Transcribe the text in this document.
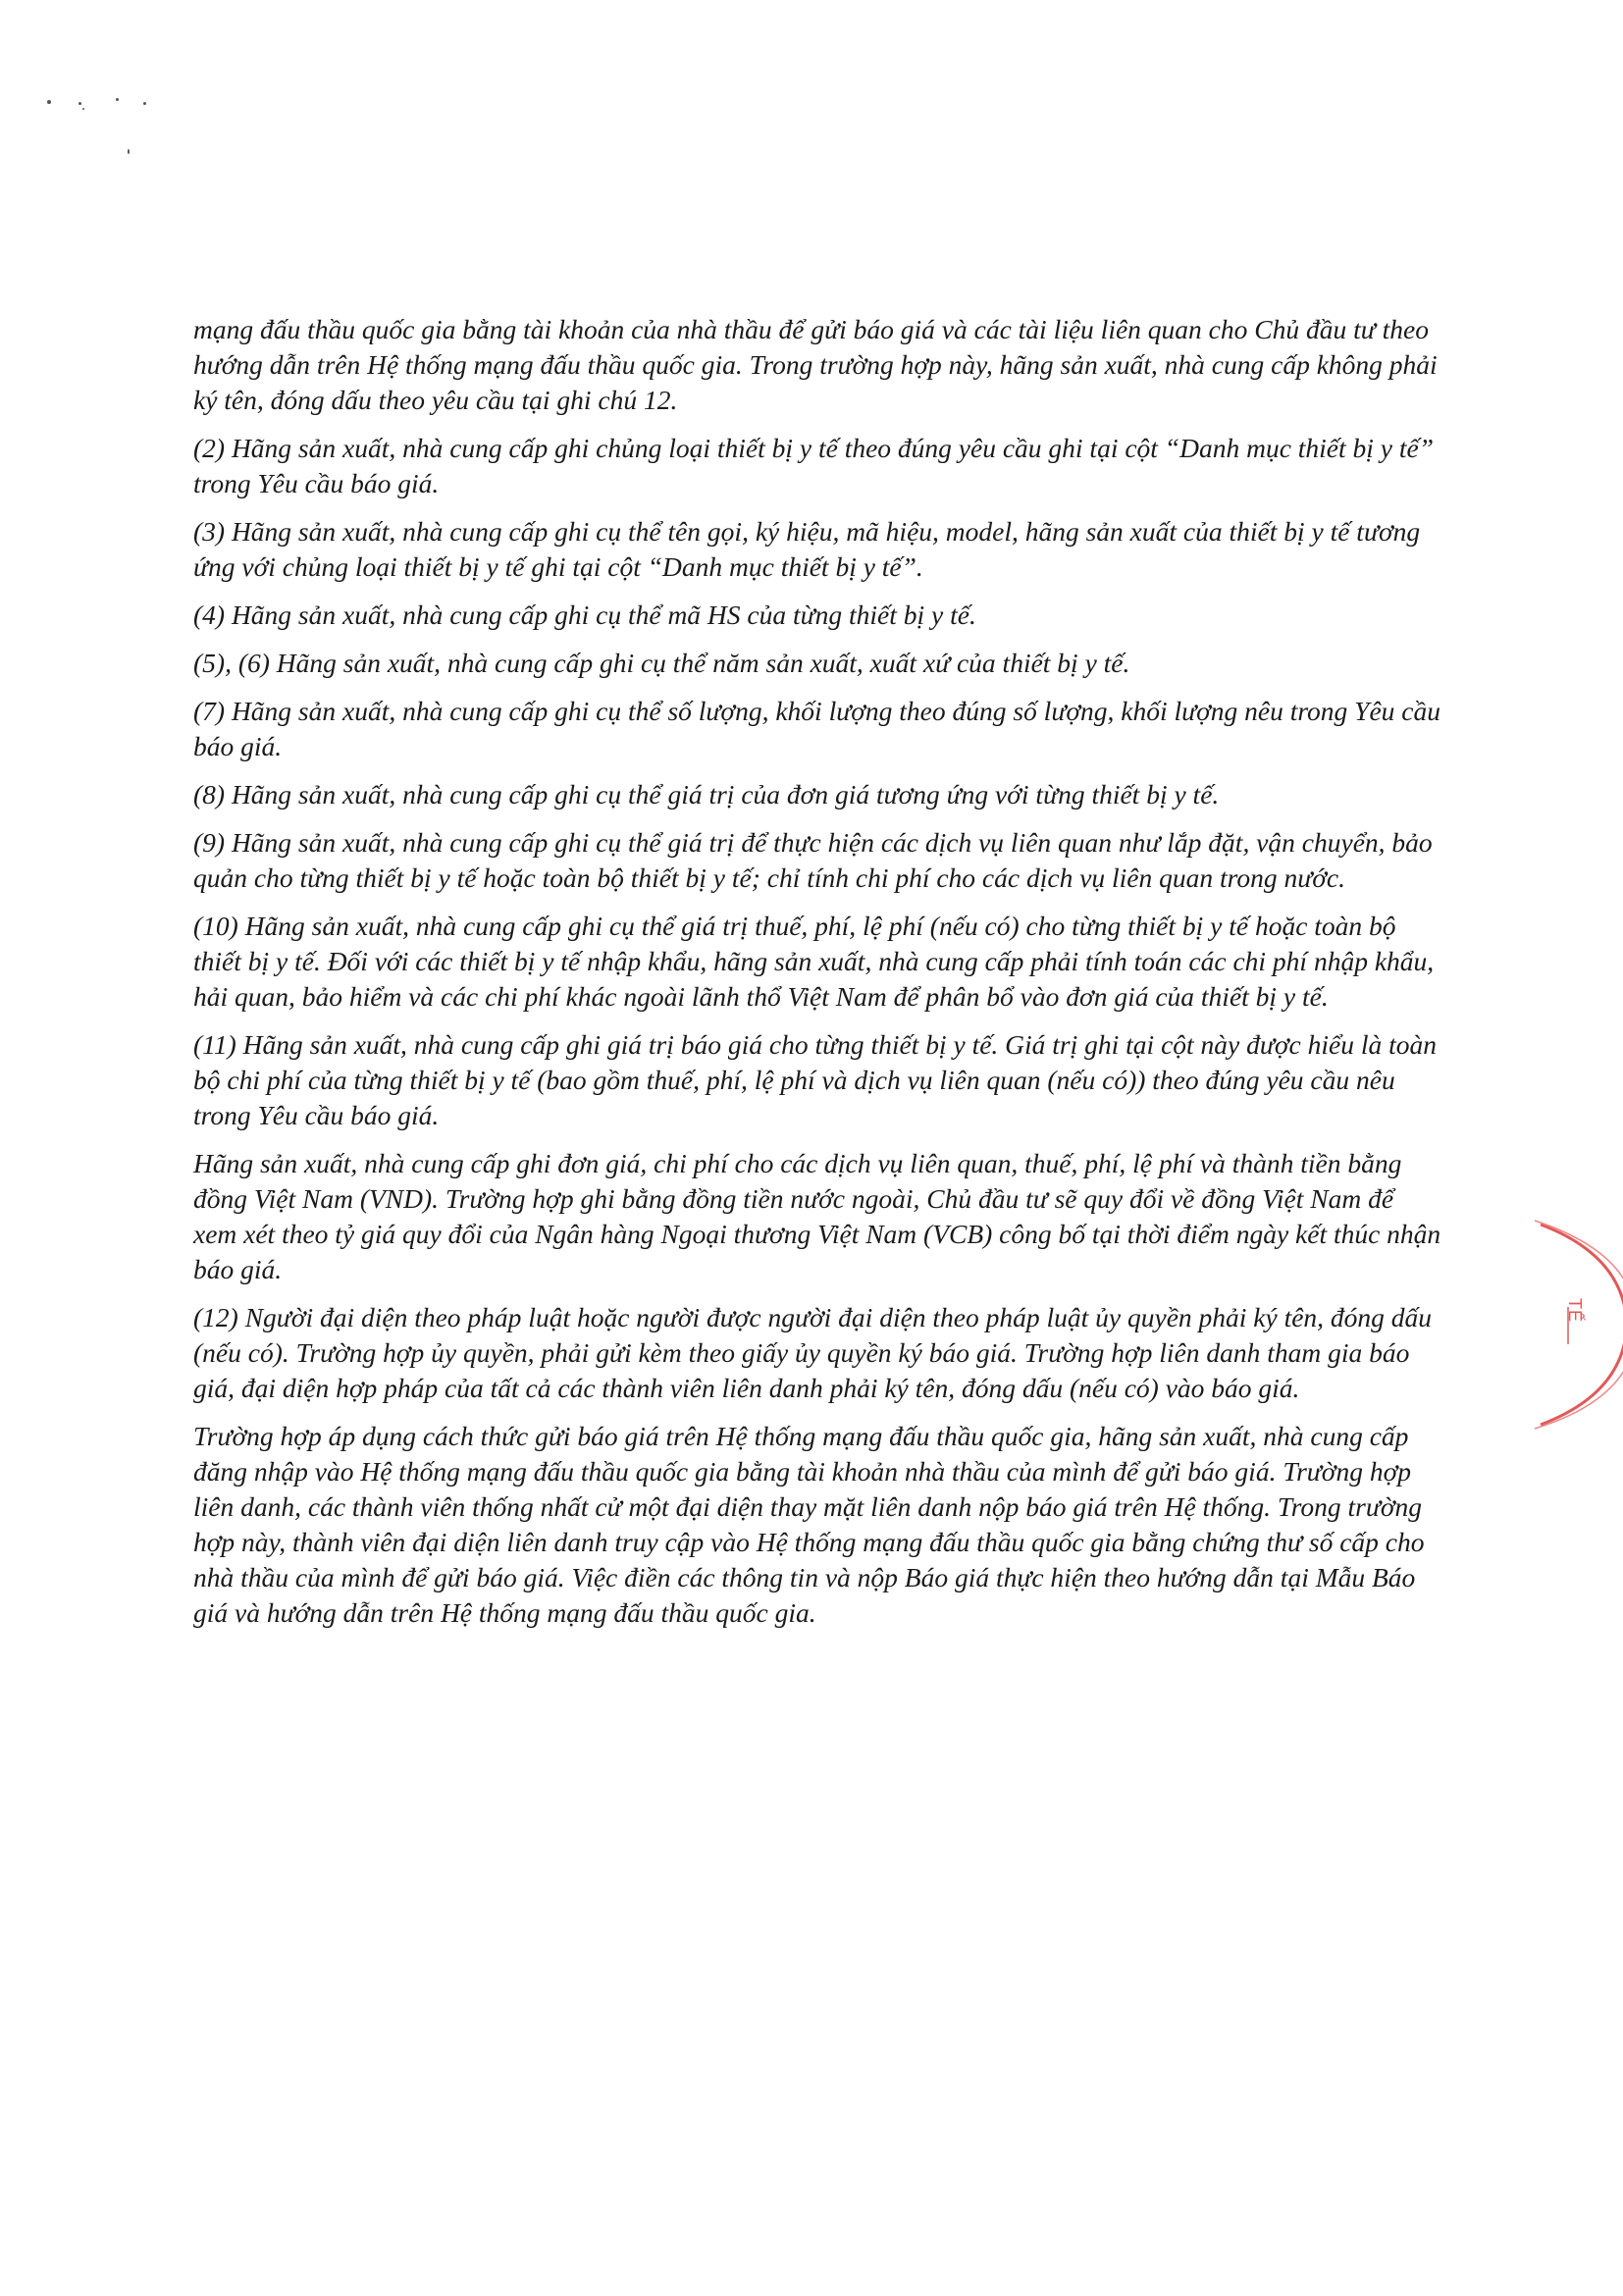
mạng đấu thầu quốc gia bằng tài khoản của nhà thầu để gửi báo giá và các tài liệu liên quan cho Chủ đầu tư theo hướng dẫn trên Hệ thống mạng đấu thầu quốc gia. Trong trường hợp này, hãng sản xuất, nhà cung cấp không phải ký tên, đóng dấu theo yêu cầu tại ghi chú 12.

(2) Hãng sản xuất, nhà cung cấp ghi chủng loại thiết bị y tế theo đúng yêu cầu ghi tại cột “Danh mục thiết bị y tế” trong Yêu cầu báo giá.

(3) Hãng sản xuất, nhà cung cấp ghi cụ thể tên gọi, ký hiệu, mã hiệu, model, hãng sản xuất của thiết bị y tế tương ứng với chủng loại thiết bị y tế ghi tại cột “Danh mục thiết bị y tế”.

(4) Hãng sản xuất, nhà cung cấp ghi cụ thể mã HS của từng thiết bị y tế.

(5), (6) Hãng sản xuất, nhà cung cấp ghi cụ thể năm sản xuất, xuất xứ của thiết bị y tế.

(7) Hãng sản xuất, nhà cung cấp ghi cụ thể số lượng, khối lượng theo đúng số lượng, khối lượng nêu trong Yêu cầu báo giá.

(8) Hãng sản xuất, nhà cung cấp ghi cụ thể giá trị của đơn giá tương ứng với từng thiết bị y tế.

(9) Hãng sản xuất, nhà cung cấp ghi cụ thể giá trị để thực hiện các dịch vụ liên quan như lắp đặt, vận chuyển, bảo quản cho từng thiết bị y tế hoặc toàn bộ thiết bị y tế; chỉ tính chi phí cho các dịch vụ liên quan trong nước.

(10) Hãng sản xuất, nhà cung cấp ghi cụ thể giá trị thuế, phí, lệ phí (nếu có) cho từng thiết bị y tế hoặc toàn bộ thiết bị y tế. Đối với các thiết bị y tế nhập khẩu, hãng sản xuất, nhà cung cấp phải tính toán các chi phí nhập khẩu, hải quan, bảo hiểm và các chi phí khác ngoài lãnh thổ Việt Nam để phân bổ vào đơn giá của thiết bị y tế.

(11) Hãng sản xuất, nhà cung cấp ghi giá trị báo giá cho từng thiết bị y tế. Giá trị ghi tại cột này được hiểu là toàn bộ chi phí của từng thiết bị y tế (bao gồm thuế, phí, lệ phí và dịch vụ liên quan (nếu có)) theo đúng yêu cầu nêu trong Yêu cầu báo giá.

Hãng sản xuất, nhà cung cấp ghi đơn giá, chi phí cho các dịch vụ liên quan, thuế, phí, lệ phí và thành tiền bằng đồng Việt Nam (VND). Trường hợp ghi bằng đồng tiền nước ngoài, Chủ đầu tư sẽ quy đổi về đồng Việt Nam để xem xét theo tỷ giá quy đổi của Ngân hàng Ngoại thương Việt Nam (VCB) công bố tại thời điểm ngày kết thúc nhận báo giá.

(12) Người đại diện theo pháp luật hoặc người được người đại diện theo pháp luật ủy quyền phải ký tên, đóng dấu (nếu có). Trường hợp ủy quyền, phải gửi kèm theo giấy ủy quyền ký báo giá. Trường hợp liên danh tham gia báo giá, đại diện hợp pháp của tất cả các thành viên liên danh phải ký tên, đóng dấu (nếu có) vào báo giá.

Trường hợp áp dụng cách thức gửi báo giá trên Hệ thống mạng đấu thầu quốc gia, hãng sản xuất, nhà cung cấp đăng nhập vào Hệ thống mạng đấu thầu quốc gia bằng tài khoản nhà thầu của mình để gửi báo giá. Trường hợp liên danh, các thành viên thống nhất cử một đại diện thay mặt liên danh nộp báo giá trên Hệ thống. Trong trường hợp này, thành viên đại diện liên danh truy cập vào Hệ thống mạng đấu thầu quốc gia bằng chứng thư số cấp cho nhà thầu của mình để gửi báo giá. Việc điền các thông tin và nộp Báo giá thực hiện theo hướng dẫn tại Mẫu Báo giá và hướng dẫn trên Hệ thống mạng đấu thầu quốc gia.

TẾ
